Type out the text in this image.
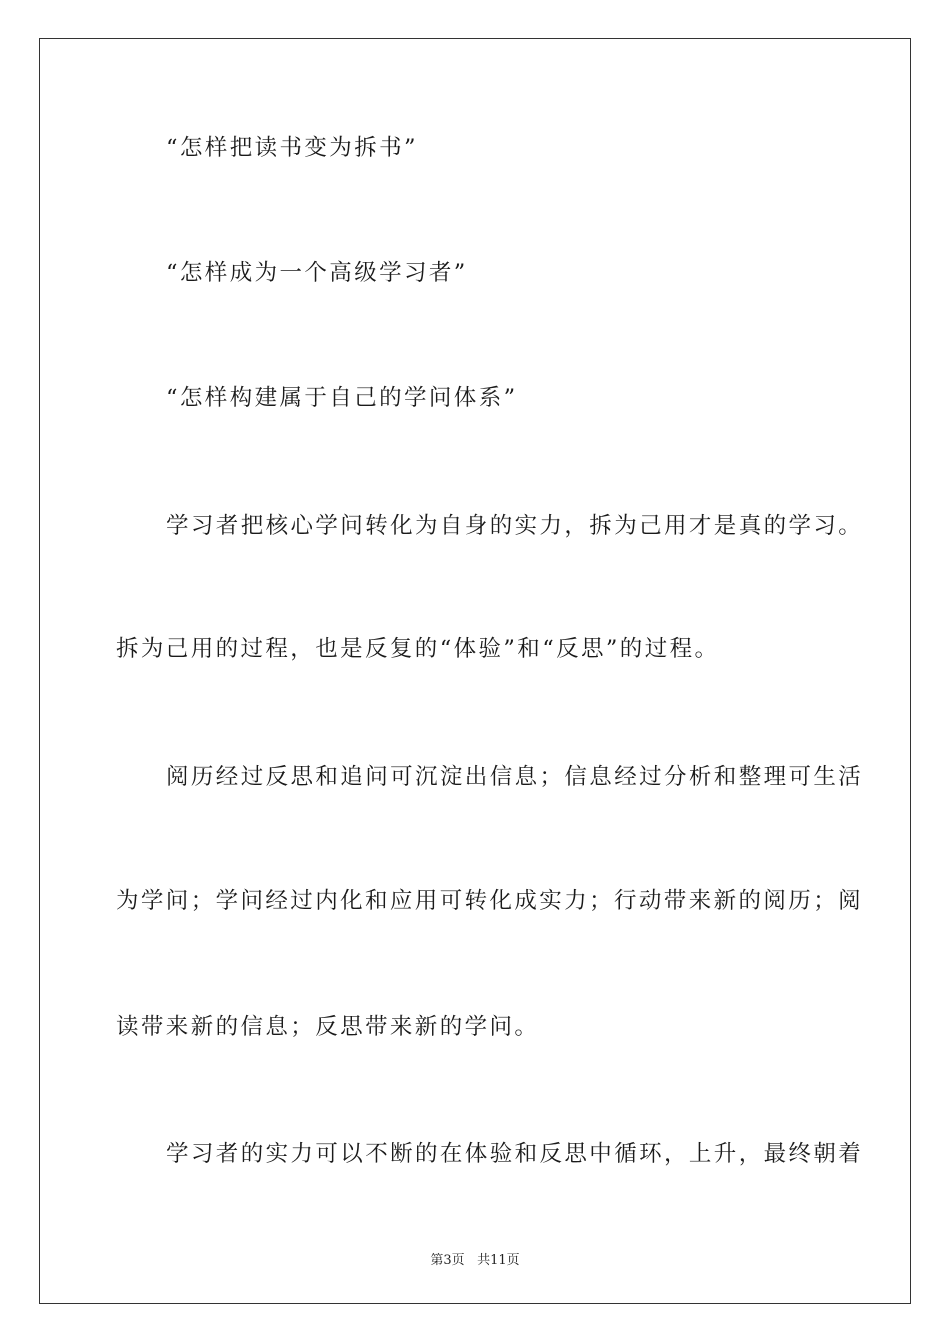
“怎样把读书变为拆书”
“怎样成为一个高级学习者”
“怎样构建属于自己的学问体系”
学习者把核心学问转化为自身的实力，拆为己用才是真的学习。
拆为己用的过程，也是反复的“体验”和“反思”的过程。
阅历经过反思和追问可沉淀出信息；信息经过分析和整理可生活
为学问；学问经过内化和应用可转化成实力；行动带来新的阅历；阅
读带来新的信息；反思带来新的学问。
学习者的实力可以不断的在体验和反思中循环，上升，最终朝着
第3页 共11页
